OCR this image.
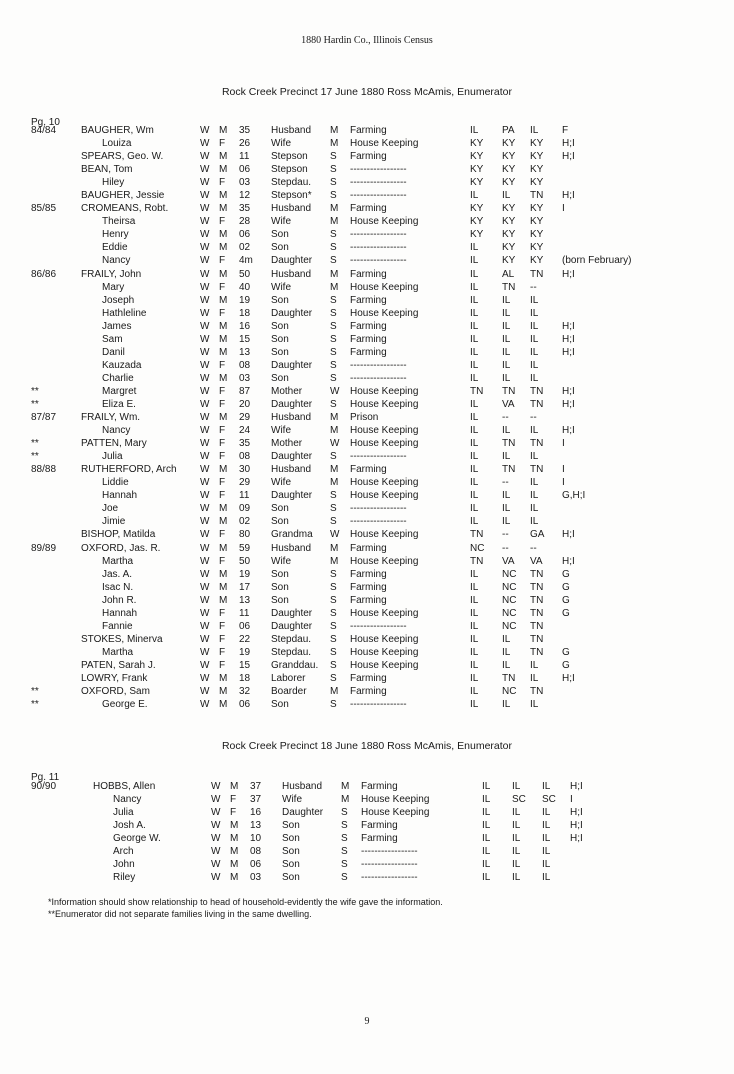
1880 Hardin Co., Illinois Census
Rock Creek Precinct 17 June 1880 Ross McAmis, Enumerator
Pg. 10
84/84 BAUGHER, Wm	W M 35 Husband M Farming	IL PA IL F
Louiza	W F 26 Wife	M House Keeping	KY KY KY H;I
SPEARS, Geo. W.	W M 11 Stepson S Farming	KY KY KY H;I
BEAN, Tom	W M 06 Stepson S -----------------	KY KY KY
Hiley	W F 03 Stepdau. S -----------------	KY KY KY
BAUGHER, Jessie	W M 12 Stepson* S -----------------	IL IL TN H;I
85/85 CROMEANS, Robt.	W M 35 Husband M Farming	KY KY KY I
Theirsa	W F 28 Wife	M House Keeping	KY KY KY
Henry	W M 06 Son	S -----------------	KY KY KY
Eddie	W M 02 Son	S -----------------	IL KY KY
Nancy	W F 4m Daughter S -----------------	IL KY KY (born February)
86/86 FRAILY, John	W M 50 Husband M Farming	IL AL TN H;I
Mary	W F 40 Wife	M House Keeping	IL TN --
Joseph	W M 19 Son	S Farming	IL IL IL
Hathleline	W F 18 Daughter S House Keeping	IL IL IL
James	W M 16 Son	S Farming	IL IL IL H;I
Sam	W M 15 Son	S Farming	IL IL IL H;I
Danil	W M 13 Son	S Farming	IL IL IL H;I
Kauzada	W F 08 Daughter S -----------------	IL IL IL
Charlie	W M 03 Son	S -----------------	IL IL IL
**	Margret	W F 87 Mother	W House Keeping	TN TN TN H;I
**	Eliza E.	W F 20 Daughter S House Keeping	IL VA TN H;I
87/87 FRAILY, Wm.	W M 29 Husband M Prison	IL -- --
Nancy	W F 24 Wife	M House Keeping	IL IL IL H;I
**	PATTEN, Mary	W F 35 Mother	W House Keeping	IL TN TN I
**	Julia	W F 08 Daughter S -----------------	IL IL IL
88/88 RUTHERFORD, Arch W M 30 Husband M Farming	IL TN TN I
Liddie	W F 29 Wife	M House Keeping	IL -- IL I
Hannah	W F 11 Daughter S House Keeping	IL IL IL G,H;I
Joe	W M 09 Son	S -----------------	IL IL IL
Jimie	W M 02 Son	S -----------------	IL IL IL
BISHOP, Matilda	W F 80 Grandma W House Keeping	TN -- GA H;I
89/89 OXFORD, Jas. R.	W M 59 Husband M Farming	NC -- --
Martha	W F 50 Wife	M House Keeping	TN VA VA H;I
Jas. A.	W M 19 Son	S Farming	IL NC TN G
Isac N.	W M 17 Son	S Farming	IL NC TN G
John R.	W M 13 Son	S Farming	IL NC TN G
Hannah	W F 11 Daughter S House Keeping	IL NC TN G
Fannie	W F 06 Daughter S -----------------	IL NC TN
STOKES, Minerva	W F 22 Stepdau. S House Keeping	IL IL TN
Martha	W F 19 Stepdau. S House Keeping	IL IL TN G
PATEN, Sarah J.	W F 15 Granddau. S House Keeping	IL IL IL G
LOWRY, Frank	W M 18 Laborer S Farming	IL TN IL H;I
**	OXFORD, Sam	W M 32 Boarder M Farming	IL NC TN
**	George E.	W M 06 Son	S -----------------	IL IL IL
Rock Creek Precinct 18 June 1880 Ross McAmis, Enumerator
Pg. 11
90/90	HOBBS, Allen	W M 37 Husband M Farming	IL IL IL H;I
Nancy	W F 37 Wife	M House Keeping	IL SC SC I
Julia	W F 16 Daughter S House Keeping	IL IL IL H;I
Josh A.	W M 13 Son	S Farming	IL IL IL H;I
George W.	W M 10 Son	S Farming	IL IL IL H;I
Arch	W M 08 Son	S -----------------	IL IL IL
John	W M 06 Son	S -----------------	IL IL IL
Riley	W M 03 Son	S -----------------	IL IL IL
*Information should show relationship to head of household-evidently the wife gave the information.
**Enumerator did not separate families living in the same dwelling.
9
